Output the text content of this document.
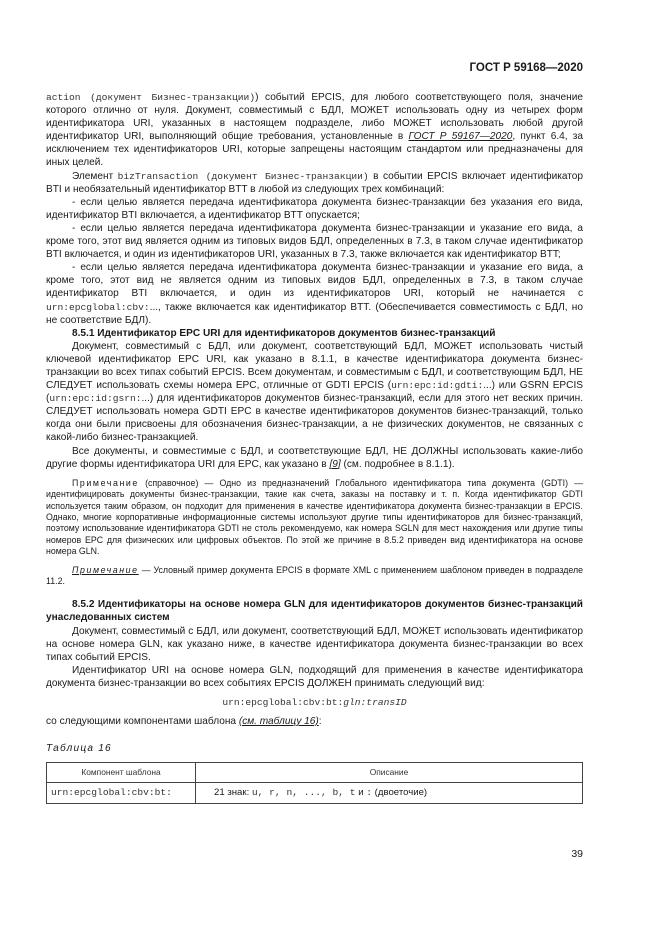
ГОСТ Р 59168—2020

action (документ Бизнес-транзакции)) событий EPCIS, для любого соответствующего поля, значение которого отлично от нуля. Документ, совместимый с БДЛ, МОЖЕТ использовать одну из четырех форм идентификатора URI, указанных в настоящем подразделе, либо МОЖЕТ использовать любой другой идентификатор URI, выполняющий общие требования, установленные в ГОСТ Р 59167—2020, пункт 6.4, за исключением тех идентификаторов URI, которые запрещены настоящим стандартом или предназначены для иных целей.

Элемент bizTransaction (документ Бизнес-транзакции) в событии EPCIS включает идентификатор BTI и необязательный идентификатор BTT в любой из следующих трех комбинаций:

- если целью является передача идентификатора документа бизнес-транзакции без указания его вида, идентификатор BTI включается, а идентификатор BTT опускается;

- если целью является передача идентификатора документа бизнес-транзакции и указание его вида, а кроме того, этот вид является одним из типовых видов БДЛ, определенных в 7.3, в таком случае идентификатор BTI включается, и один из идентификаторов URI, указанных в 7.3, также включается как идентификатор BTT;

- если целью является передача идентификатора документа бизнес-транзакции и указание его вида, а кроме того, этот вид не является одним из типовых видов БДЛ, определенных в 7.3, в таком случае идентификатор BTI включается, и один из идентификаторов URI, который не начинается с urn:epcglobal:cbv:..., также включается как идентификатор BTT. (Обеспечивается совместимость с БДЛ, но не соответствие БДЛ).

8.5.1 Идентификатор EPC URI для идентификаторов документов бизнес-транзакций

Документ, совместимый с БДЛ, или документ, соответствующий БДЛ, МОЖЕТ использовать чистый ключевой идентификатор EPC URI, как указано в 8.1.1, в качестве идентификатора документа бизнес-транзакции во всех типах событий EPCIS. Всем документам, и совместимым с БДЛ, и соответствующим БДЛ, НЕ СЛЕДУЕТ использовать схемы номера EPC, отличные от GDTI EPCIS (urn:epc:id:gdti:...) или GSRN EPCIS (urn:epc:id:gsrn:...) для идентификаторов документов бизнес-транзакций, если для этого нет веских причин. СЛЕДУЕТ использовать номера GDTI EPC в качестве идентификаторов документов бизнес-транзакций, только когда они были присвоены для обозначения бизнес-транзакции, а не физических документов, не связанных с какой-либо бизнес-транзакцией.

Все документы, и совместимые с БДЛ, и соответствующие БДЛ, НЕ ДОЛЖНЫ использовать какие-либо другие формы идентификатора URI для EPC, как указано в [9] (см. подробнее в 8.1.1).

Примечание (справочное) — Одно из предназначений Глобального идентификатора типа документа (GDTI) — идентифицировать документы бизнес-транзакции, такие как счета, заказы на поставку и т. п. Когда идентификатор GDTI используется таким образом, он подходит для применения в качестве идентификатора документа бизнес-транзакции в EPCIS. Однако, многие корпоративные информационные системы используют другие типы идентификаторов для бизнес-транзакций, поэтому использование идентификатора GDTI не столь рекомендуемо, как номера SGLN для мест нахождения или другие типы номеров EPC для физических или цифровых объектов. По этой же причине в 8.5.2 приведен вид идентификатора на основе номера GLN.

Примечание — Условный пример документа EPCIS в формате XML с применением шаблоном приведен в подразделе 11.2.

8.5.2 Идентификаторы на основе номера GLN для идентификаторов документов бизнес-транзакций унаследованных систем

Документ, совместимый с БДЛ, или документ, соответствующий БДЛ, МОЖЕТ использовать идентификатор на основе номера GLN, как указано ниже, в качестве идентификатора документа бизнес-транзакции во всех типах событий EPCIS.

Идентификатор URI на основе номера GLN, подходящий для применения в качестве идентификатора документа бизнес-транзакции во всех событиях EPCIS ДОЛЖЕН принимать следующий вид:

urn:epcglobal:cbv:bt:gln:transID

со следующими компонентами шаблона (см. таблицу 16):

Таблица 16

Компонент шаблона	Описание
urn:epcglobal:cbv:bt:	21 знак: u, r, n, ..., b, t и : (двоеточие)
39
